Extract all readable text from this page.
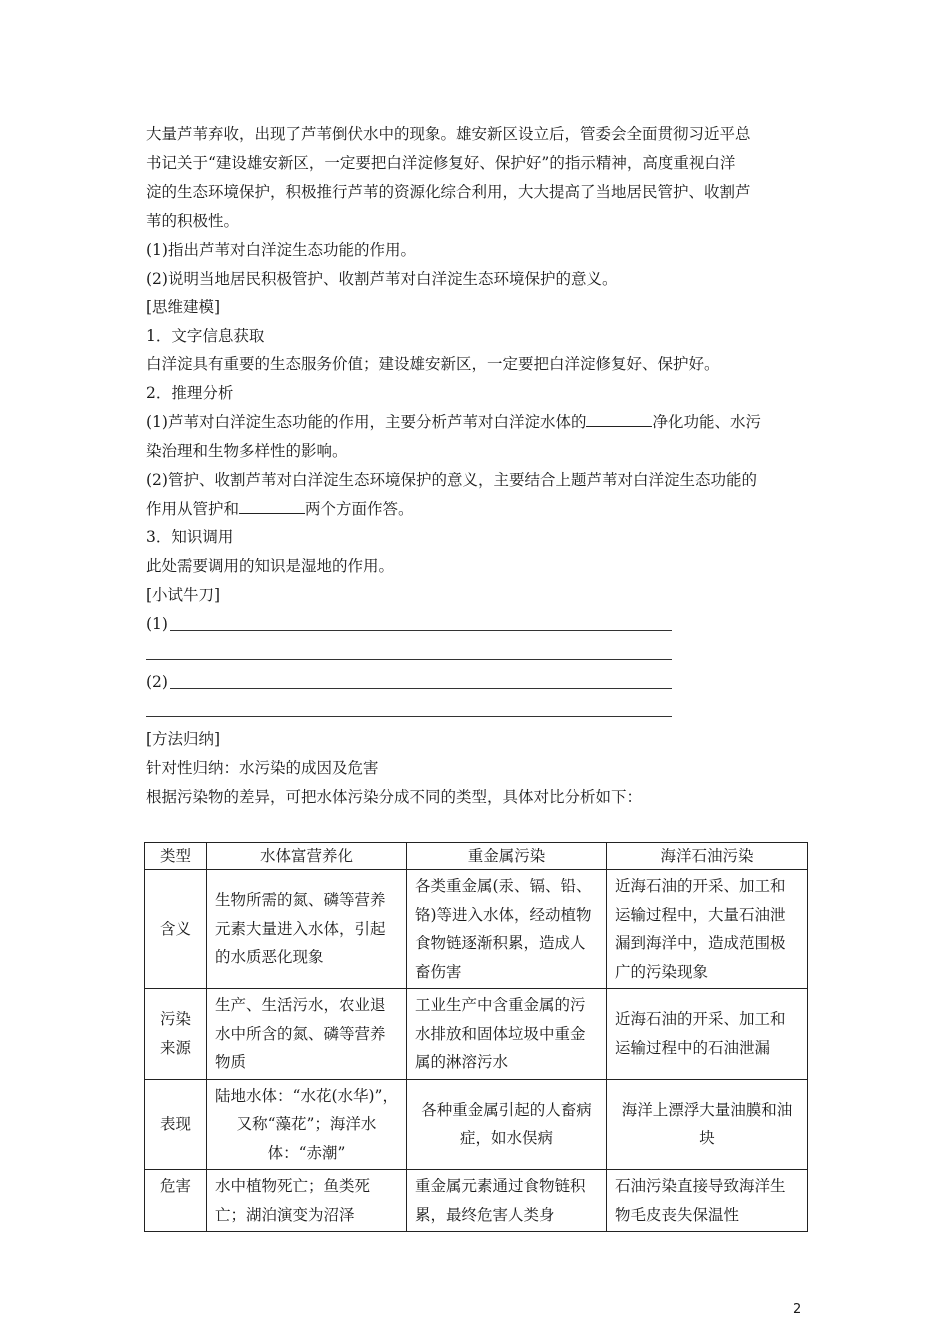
大量芦苇弃收，出现了芦苇倒伏水中的现象。雄安新区设立后，管委会全面贯彻习近平总
书记关于“建设雄安新区，一定要把白洋淀修复好、保护好”的指示精神，高度重视白洋
淀的生态环境保护，积极推行芦苇的资源化综合利用，大大提高了当地居民管护、收割芦
苇的积极性。
(1)指出芦苇对白洋淀生态功能的作用。
(2)说明当地居民积极管护、收割芦苇对白洋淀生态环境保护的意义。
[思维建模]
1．文字信息获取
白洋淀具有重要的生态服务价值；建设雄安新区，一定要把白洋淀修复好、保护好。
2．推理分析
(1)芦苇对白洋淀生态功能的作用，主要分析芦苇对白洋淀水体的	净化功能、水污
染治理和生物多样性的影响。
(2)管护、收割芦苇对白洋淀生态环境保护的意义，主要结合上题芦苇对白洋淀生态功能的
作用从管护和	两个方面作答。
3．知识调用
此处需要调用的知识是湿地的作用。
[小试牛刀]
(1)
(2)
[方法归纳]
针对性归纳：水污染的成因及危害
根据污染物的差异，可把水体污染分成不同的类型，具体对比分析如下：
类型	水体富营养化	重金属污染	海洋石油污染
含义	生物所需的氮、磷等营养元素大量进入水体，引起的水质恶化现象	各类重金属(汞、镉、铅、铬)等进入水体，经动植物食物链逐渐积累，造成人畜伤害	近海石油的开采、加工和运输过程中，大量石油泄漏到海洋中，造成范围极广的污染现象
污染来源	生产、生活污水，农业退水中所含的氮、磷等营养物质	工业生产中含重金属的污水排放和固体垃圾中重金属的淋溶污水	近海石油的开采、加工和运输过程中的石油泄漏
表现	陆地水体：“水花(水华)”，又称“藻花”；海洋水体：“赤潮”	各种重金属引起的人畜病症，如水俣病	海洋上漂浮大量油膜和油块
危害	水中植物死亡；鱼类死亡；湖泊演变为沼泽	重金属元素通过食物链积累，最终危害人类身	石油污染直接导致海洋生物毛皮丧失保温性
2
